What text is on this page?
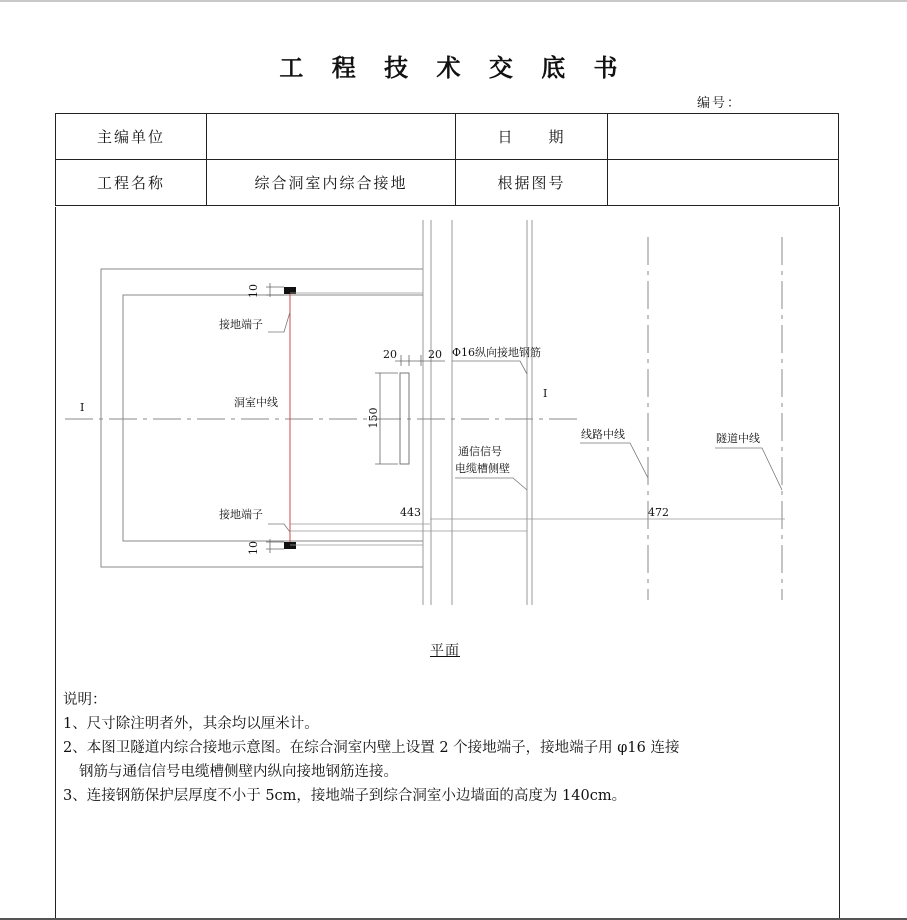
工 程 技 术 交 底 书
编号：
主编单位		日　　期	
工程名称	综合洞室内综合接地	根据图号	
10
10
接地端子
接地端子
洞室中线
20	20
150
Φ16纵向接地钢筋
I
I
通信信号
电缆槽侧壁
线路中线	隧道中线
443	472
平面
说明：
1、尺寸除注明者外，其余均以厘米计。
2、本图卫隧道内综合接地示意图。在综合洞室内壁上设置 2 个接地端子，接地端子用 φ16 连接
钢筋与通信信号电缆槽侧壁内纵向接地钢筋连接。
3、连接钢筋保护层厚度不小于 5cm，接地端子到综合洞室小边墙面的高度为 140cm。
